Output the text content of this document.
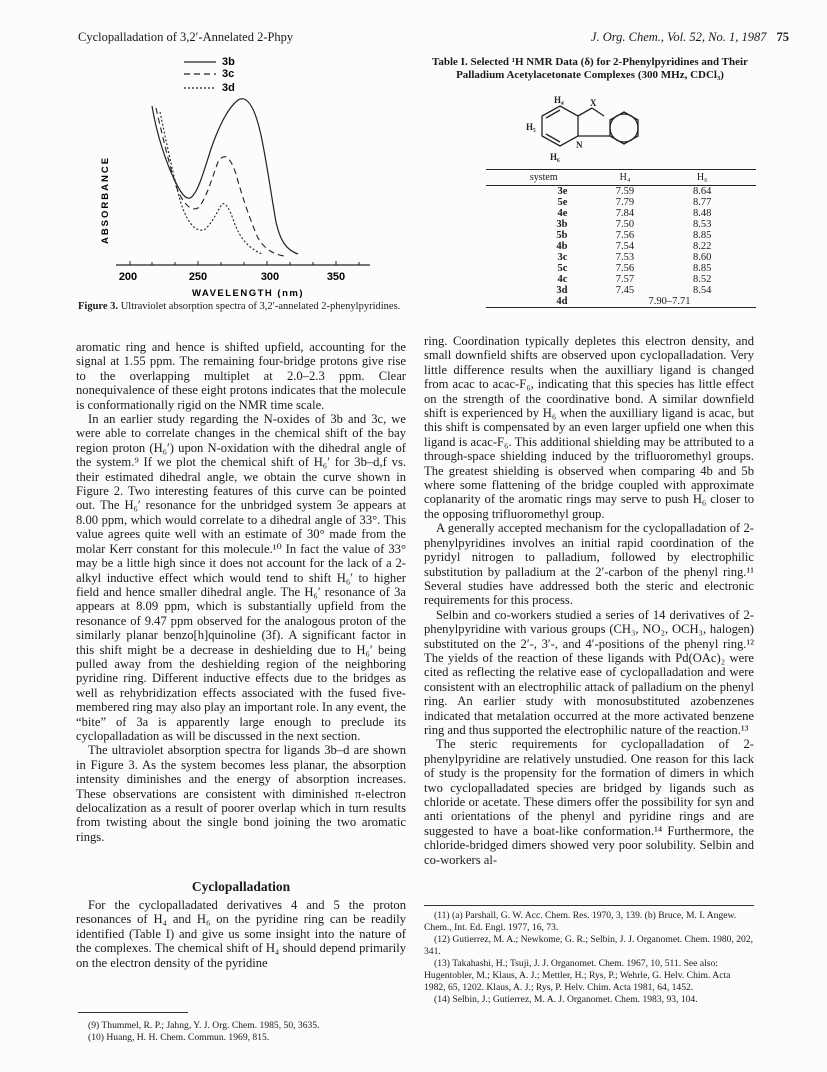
Cyclopalladation of 3,2′-Annelated 2-Phpy	J. Org. Chem., Vol. 52, No. 1, 1987 75
3b
3c
3d
ABSORBANCE
200	250	300	350
WAVELENGTH (nm)
Figure 3. Ultraviolet absorption spectra of 3,2′-annelated 2-phenylpyridines.

aromatic ring and hence is shifted upfield, accounting for the signal at 1.55 ppm. The remaining four-bridge protons give rise to the overlapping multiplet at 2.0–2.3 ppm. Clear nonequivalence of these eight protons indicates that the molecule is conformationally rigid on the NMR time scale.

In an earlier study regarding the N-oxides of 3b and 3c, we were able to correlate changes in the chemical shift of the bay region proton (H₆′) upon N-oxidation with the dihedral angle of the system.⁹ If we plot the chemical shift of H₆′ for 3b–d,f vs. their estimated dihedral angle, we obtain the curve shown in Figure 2. Two interesting features of this curve can be pointed out. The H₆′ resonance for the unbridged system 3e appears at 8.00 ppm, which would correlate to a dihedral angle of 33°. This value agrees quite well with an estimate of 30° made from the molar Kerr constant for this molecule.¹⁰ In fact the value of 33° may be a little high since it does not account for the lack of a 2-alkyl inductive effect which would tend to shift H₆′ to higher field and hence smaller dihedral angle. The H₆′ resonance of 3a appears at 8.09 ppm, which is substantially upfield from the resonance of 9.47 ppm observed for the analogous proton of the similarly planar benzo[h]quinoline (3f). A significant factor in this shift might be a decrease in deshielding due to H₆′ being pulled away from the deshielding region of the neighboring pyridine ring. Different inductive effects due to the bridges as well as rehybridization effects associated with the fused five-membered ring may also play an important role. In any event, the “bite” of 3a is apparently large enough to preclude its cyclopalladation as will be discussed in the next section.

The ultraviolet absorption spectra for ligands 3b–d are shown in Figure 3. As the system becomes less planar, the absorption intensity diminishes and the energy of absorption increases. These observations are consistent with diminished π-electron delocalization as a result of poorer overlap which in turn results from twisting about the single bond joining the two aromatic rings.

Cyclopalladation

For the cyclopalladated derivatives 4 and 5 the proton resonances of H₄ and H₆ on the pyridine ring can be readily identified (Table I) and give us some insight into the nature of the complexes. The chemical shift of H₄ should depend primarily on the electron density of the pyridine

(9) Thummel, R. P.; Jahng, Y. J. Org. Chem. 1985, 50, 3635.

(10) Huang, H. H. Chem. Commun. 1969, 815.

Table I. Selected ¹H NMR Data (δ) for 2-Phenylpyridines and Their Palladium Acetylacetonate Complexes (300 MHz, CDCl₃)
H₄	X
H₅
N
H₆
system	H₄	H₆
3e	7.59	8.64
5e	7.79	8.77
4e	7.84	8.48
3b	7.50	8.53
5b	7.56	8.85
4b	7.54	8.22
3c	7.53	8.60
5c	7.56	8.85
4c	7.57	8.52
3d	7.45	8.54
4d		7.90–7.71

ring. Coordination typically depletes this electron density, and small downfield shifts are observed upon cyclopalladation. Very little difference results when the auxilliary ligand is changed from acac to acac-F₆, indicating that this species has little effect on the strength of the coordinative bond. A similar downfield shift is experienced by H₆ when the auxilliary ligand is acac, but this shift is compensated by an even larger upfield one when this ligand is acac-F₆. This additional shielding may be attributed to a through-space shielding induced by the trifluoromethyl groups. The greatest shielding is observed when comparing 4b and 5b where some flattening of the bridge coupled with approximate coplanarity of the aromatic rings may serve to push H₆ closer to the opposing trifluoromethyl group.

A generally accepted mechanism for the cyclopalladation of 2-phenylpyridines involves an initial rapid coordination of the pyridyl nitrogen to palladium, followed by electrophilic substitution by palladium at the 2′-carbon of the phenyl ring.¹¹ Several studies have addressed both the steric and electronic requirements for this process.

Selbin and co-workers studied a series of 14 derivatives of 2-phenylpyridine with various groups (CH₃, NO₂, OCH₃, halogen) substituted on the 2′-, 3′-, and 4′-positions of the phenyl ring.¹² The yields of the reaction of these ligands with Pd(OAc)₂ were cited as reflecting the relative ease of cyclopalladation and were consistent with an electrophilic attack of palladium on the phenyl ring. An earlier study with monosubstituted azobenzenes indicated that metalation occurred at the more activated benzene ring and thus supported the electrophilic nature of the reaction.¹³

The steric requirements for cyclopalladation of 2-phenylpyridine are relatively unstudied. One reason for this lack of study is the propensity for the formation of dimers in which two cyclopalladated species are bridged by ligands such as chloride or acetate. These dimers offer the possibility for syn and anti orientations of the phenyl and pyridine rings and are suggested to have a boat-like conformation.¹⁴ Furthermore, the chloride-bridged dimers showed very poor solubility. Selbin and co-workers al-

(11) (a) Parshall, G. W. Acc. Chem. Res. 1970, 3, 139. (b) Bruce, M. I. Angew. Chem., Int. Ed. Engl. 1977, 16, 73.

(12) Gutierrez, M. A.; Newkome, G. R.; Selbin, J. J. Organomet. Chem. 1980, 202, 341.

(13) Takahashi, H.; Tsuji, J. J. Organomet. Chem. 1967, 10, 511. See also: Hugentobler, M.; Klaus, A. J.; Mettler, H.; Rys, P.; Wehrle, G. Helv. Chim. Acta 1982, 65, 1202. Klaus, A. J.; Rys, P. Helv. Chim. Acta 1981, 64, 1452.

(14) Selbin, J.; Gutierrez, M. A. J. Organomet. Chem. 1983, 93, 104.
